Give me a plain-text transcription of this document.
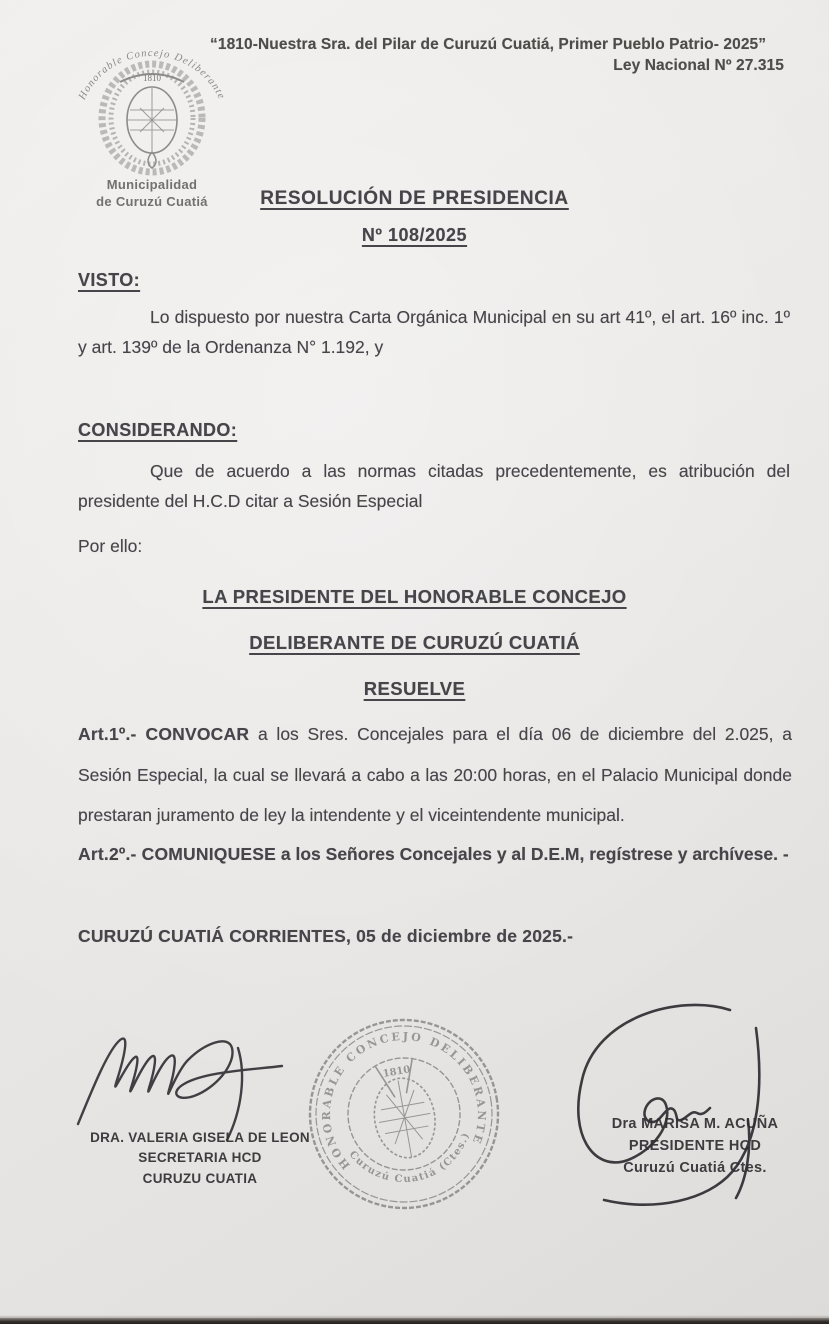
Honorable Concejo Deliberante
1810
Municipalidad
de Curuzú Cuatiá
“1810-Nuestra Sra. del Pilar de Curuzú Cuatiá, Primer Pueblo Patrio- 2025”
Ley Nacional Nº 27.315
RESOLUCIÓN DE PRESIDENCIA
Nº 108/2025
VISTO:

Lo dispuesto por nuestra Carta Orgánica Municipal en su art 41º, el art. 16º inc. 1º y art. 139º de la Ordenanza N° 1.192, y

CONSIDERANDO:

Que de acuerdo a las normas citadas precedentemente, es atribución del presidente del H.C.D citar a Sesión Especial

Por ello:
LA PRESIDENTE DEL HONORABLE CONCEJO
DELIBERANTE DE CURUZÚ CUATIÁ
RESUELVE

Art.1º.- CONVOCAR a los Sres. Concejales para el día 06 de diciembre del 2.025, a Sesión Especial, la cual se llevará a cabo a las 20:00 horas, en el Palacio Municipal donde prestaran juramento de ley la intendente y el viceintendente municipal.

Art.2º.- COMUNIQUESE a los Señores Concejales y al D.E.M, regístrese y archívese. -

CURUZÚ CUATIÁ CORRIENTES, 05 de diciembre de 2025.-
DRA. VALERIA GISELA DE LEON
SECRETARIA HCD
CURUZU CUATIA
HONORABLE CONCEJO DELIBERANTE
· Curuzú Cuatiá (Ctes.) ·
1810
Dra MARISA M. ACUÑA
PRESIDENTE HCD
Curuzú Cuatiá Ctes.
